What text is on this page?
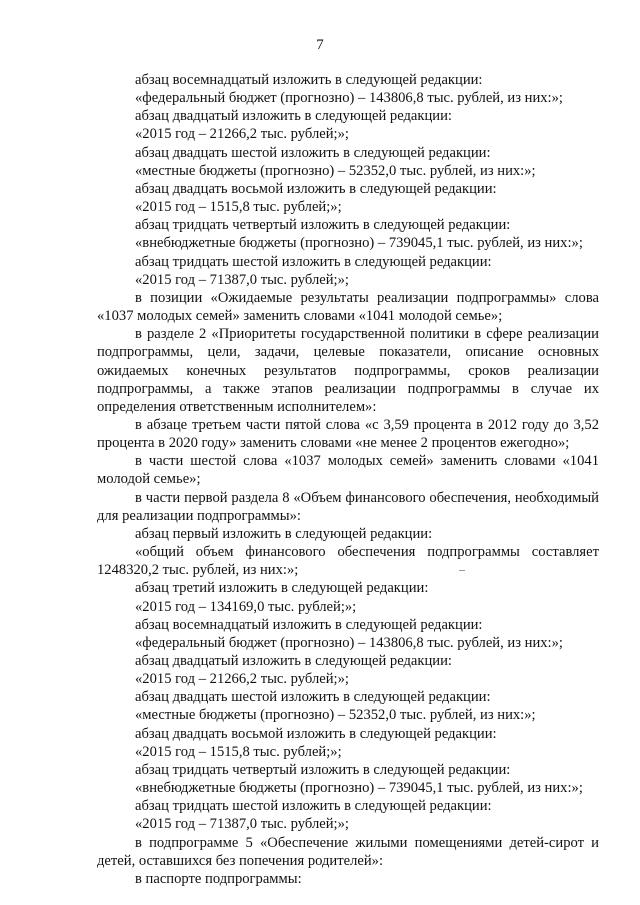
7

абзац восемнадцатый изложить в следующей редакции:

«федеральный бюджет (прогнозно) – 143806,8 тыс. рублей, из них:»;

абзац двадцатый изложить в следующей редакции:

«2015 год – 21266,2 тыс. рублей;»;

абзац двадцать шестой изложить в следующей редакции:

«местные бюджеты (прогнозно) – 52352,0 тыс. рублей, из них:»;

абзац двадцать восьмой изложить в следующей редакции:

«2015 год – 1515,8 тыс. рублей;»;

абзац тридцать четвертый изложить в следующей редакции:

«внебюджетные бюджеты (прогнозно) – 739045,1 тыс. рублей, из них:»;

абзац тридцать шестой изложить в следующей редакции:

«2015 год – 71387,0 тыс. рублей;»;

в позиции «Ожидаемые результаты реализации подпрограммы» слова «1037 молодых семей» заменить словами «1041 молодой семье»;

в разделе 2 «Приоритеты государственной политики в сфере реализации подпрограммы, цели, задачи, целевые показатели, описание основных ожидаемых конечных результатов подпрограммы, сроков реализации подпрограммы, а также этапов реализации подпрограммы в случае их определения ответственным исполнителем»:

в абзаце третьем части пятой слова «с 3,59 процента в 2012 году до 3,52 процента в 2020 году» заменить словами «не менее 2 процентов ежегодно»;

в части шестой слова «1037 молодых семей» заменить словами «1041 молодой семье»;

в части первой раздела 8 «Объем финансового обеспечения, необходимый для реализации подпрограммы»:

абзац первый изложить в следующей редакции:

«общий объем финансового обеспечения подпрограммы составляет 1248320,2 тыс. рублей, из них:»;

абзац третий изложить в следующей редакции:

«2015 год – 134169,0 тыс. рублей;»;

абзац восемнадцатый изложить в следующей редакции:

«федеральный бюджет (прогнозно) – 143806,8 тыс. рублей, из них:»;

абзац двадцатый изложить в следующей редакции:

«2015 год – 21266,2 тыс. рублей;»;

абзац двадцать шестой изложить в следующей редакции:

«местные бюджеты (прогнозно) – 52352,0 тыс. рублей, из них:»;

абзац двадцать восьмой изложить в следующей редакции:

«2015 год – 1515,8 тыс. рублей;»;

абзац тридцать четвертый изложить в следующей редакции:

«внебюджетные бюджеты (прогнозно) – 739045,1 тыс. рублей, из них:»;

абзац тридцать шестой изложить в следующей редакции:

«2015 год – 71387,0 тыс. рублей;»;

в подпрограмме 5 «Обеспечение жилыми помещениями детей-сирот и детей, оставшихся без попечения родителей»:

в паспорте подпрограммы:
